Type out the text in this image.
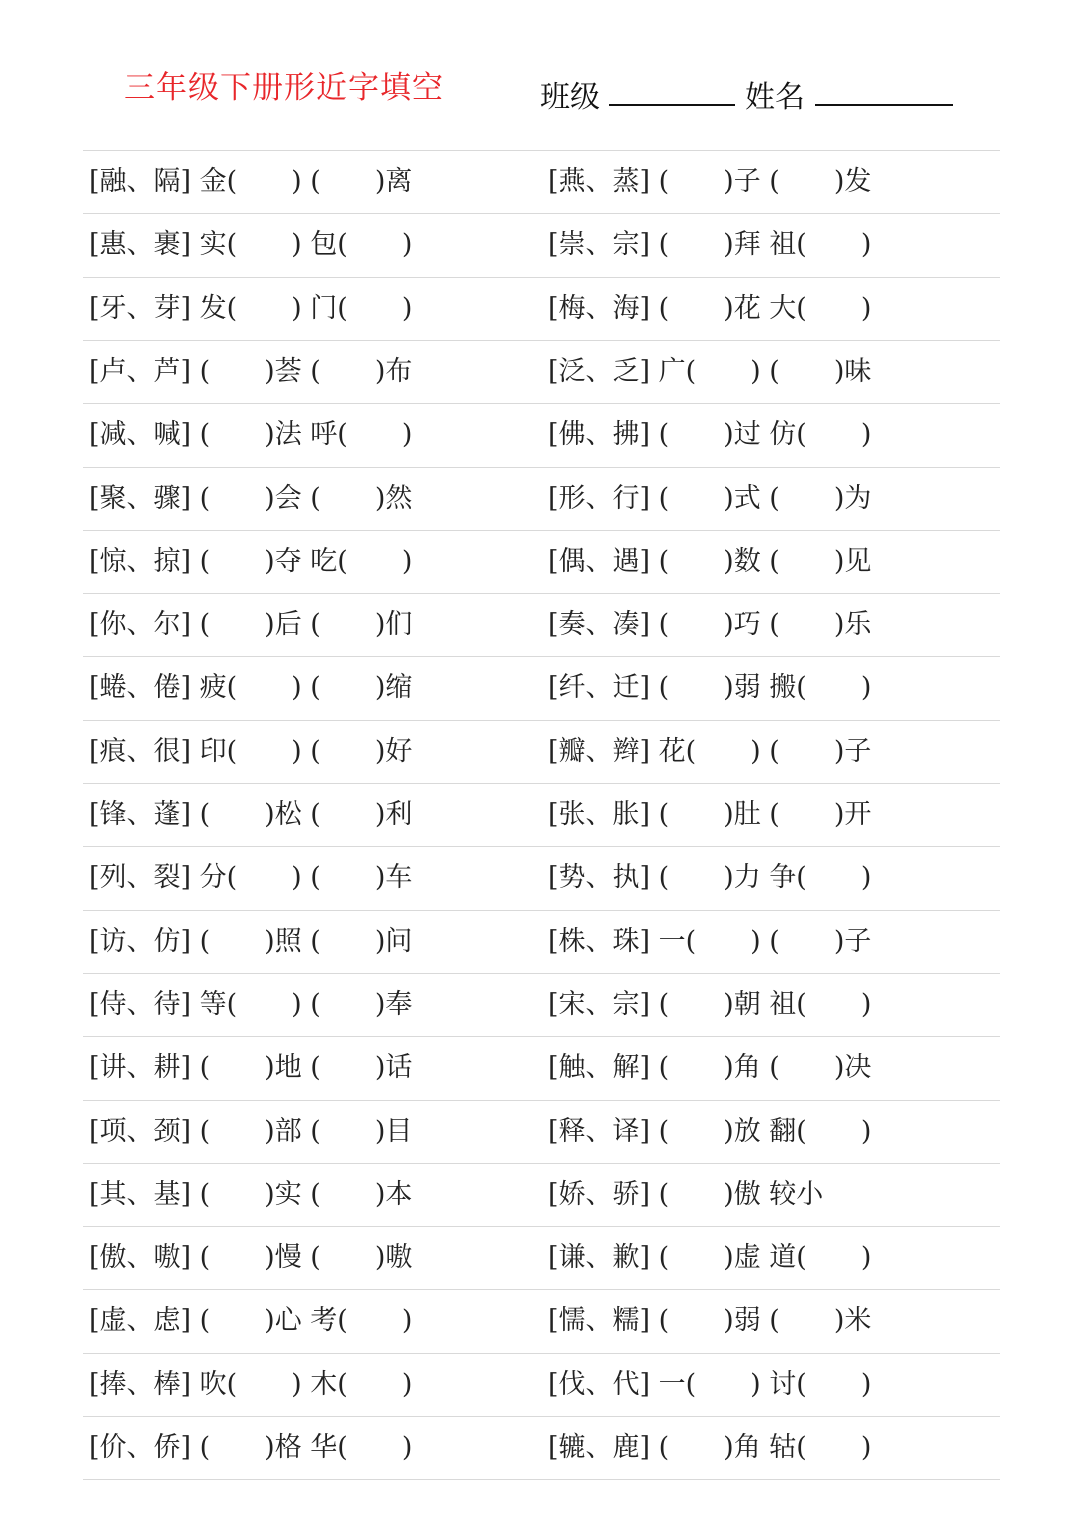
三年级下册形近字填空	班级	姓名
[融、隔] 金(　　) (　　)离	[燕、蒸] (　　)子 (　　)发
[惠、裹] 实(　　) 包(　　)	[崇、宗] (　　)拜 祖(　　)
[牙、芽] 发(　　) 门(　　)	[梅、海] (　　)花 大(　　)
[卢、芦] (　　)荟 (　　)布	[泛、乏] 广(　　) (　　)味
[减、喊] (　　)法 呼(　　)	[佛、拂] (　　)过 仿(　　)
[聚、骤] (　　)会 (　　)然	[形、行] (　　)式 (　　)为
[惊、掠] (　　)夺 吃(　　)	[偶、遇] (　　)数 (　　)见
[你、尔] (　　)后 (　　)们	[奏、凑] (　　)巧 (　　)乐
[蜷、倦] 疲(　　) (　　)缩	[纤、迁] (　　)弱 搬(　　)
[痕、很] 印(　　) (　　)好	[瓣、辫] 花(　　) (　　)子
[锋、蓬] (　　)松 (　　)利	[张、胀] (　　)肚 (　　)开
[列、裂] 分(　　) (　　)车	[势、执] (　　)力 争(　　)
[访、仿] (　　)照 (　　)问	[株、珠] 一(　　) (　　)子
[侍、待] 等(　　) (　　)奉	[宋、宗] (　　)朝 祖(　　)
[讲、耕] (　　)地 (　　)话	[触、解] (　　)角 (　　)决
[项、颈] (　　)部 (　　)目	[释、译] (　　)放 翻(　　)
[其、基] (　　)实 (　　)本	[娇、骄] (　　)傲 较小
[傲、嗷] (　　)慢 (　　)嗷	[谦、歉] (　　)虚 道(　　)
[虚、虑] (　　)心 考(　　)	[懦、糯] (　　)弱 (　　)米
[捧、棒] 吹(　　) 木(　　)	[伐、代] 一(　　) 讨(　　)
[价、侨] (　　)格 华(　　)	[辘、鹿] (　　)角 轱(　　)
